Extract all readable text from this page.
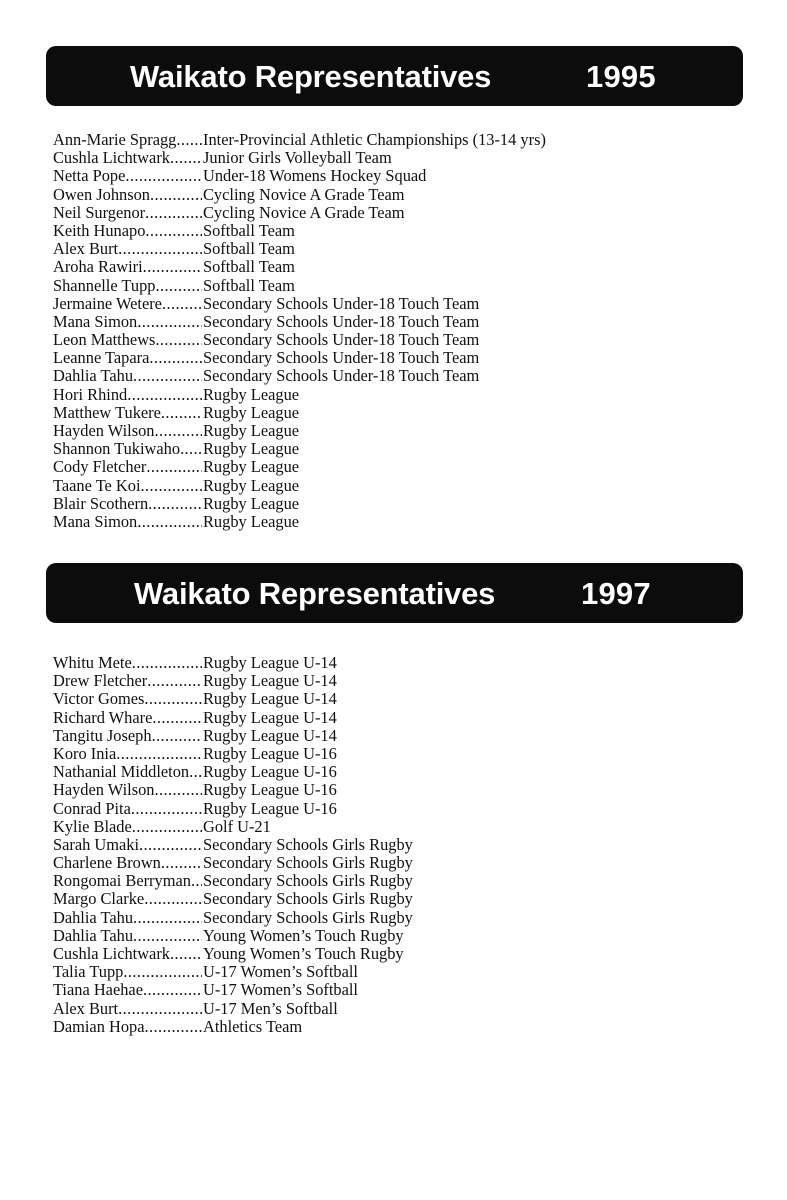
Waikato Representatives	1995
Ann-Marie Spragg .....	Inter-Provincial Athletic Championships (13-14 yrs)
Cushla Lichtwark .....	Junior Girls Volleyball Team
Netta Pope .....	Under-18 Womens Hockey Squad
Owen Johnson .....	Cycling Novice A Grade Team
Neil Surgenor .....	Cycling Novice A Grade Team
Keith Hunapo .....	Softball Team
Alex Burt .....	Softball Team
Aroha Rawiri .....	Softball Team
Shannelle Tupp .....	Softball Team
Jermaine Wetere .....	Secondary Schools Under-18 Touch Team
Mana Simon .....	Secondary Schools Under-18 Touch Team
Leon Matthews .....	Secondary Schools Under-18 Touch Team
Leanne Tapara .....	Secondary Schools Under-18 Touch Team
Dahlia Tahu .....	Secondary Schools Under-18 Touch Team
Hori Rhind .....	Rugby League
Matthew Tukere .....	Rugby League
Hayden Wilson .....	Rugby League
Shannon Tukiwaho .....	Rugby League
Cody Fletcher .....	Rugby League
Taane Te Koi .....	Rugby League
Blair Scothern .....	Rugby League
Mana Simon .....	Rugby League
Waikato Representatives	1997
Whitu Mete .....	Rugby League U-14
Drew Fletcher .....	Rugby League U-14
Victor Gomes .....	Rugby League U-14
Richard Whare .....	Rugby League U-14
Tangitu Joseph .....	Rugby League U-14
Koro Inia .....	Rugby League U-16
Nathanial Middleton ..... Rugby League U-16
Hayden Wilson .....	Rugby League U-16
Conrad Pita .....	Rugby League U-16
Kylie Blade .....	Golf U-21
Sarah Umaki .....	Secondary Schools Girls Rugby
Charlene Brown .....	Secondary Schools Girls Rugby
Rongomai Berryman ..... Secondary Schools Girls Rugby
Margo Clarke .....	Secondary Schools Girls Rugby
Dahlia Tahu .....	Secondary Schools Girls Rugby
Dahlia Tahu .....	Young Women’s Touch Rugby
Cushla Lichtwark .....	Young Women’s Touch Rugby
Talia Tupp .....	U-17 Women’s Softball
Tiana Haehae .....	U-17 Women’s Softball
Alex Burt .....	U-17 Men’s Softball
Damian Hopa .....	Athletics Team
